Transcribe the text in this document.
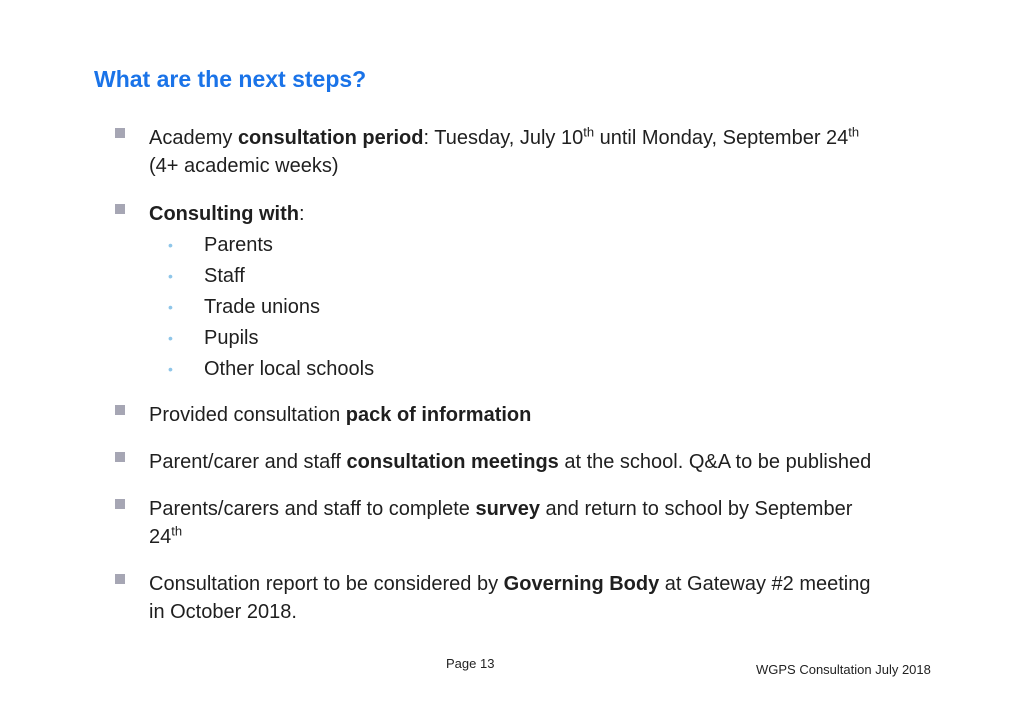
What are the next steps?
Academy consultation period: Tuesday, July 10th until Monday, September 24th
(4+ academic weeks)
Consulting with:
• Parents
• Staff
• Trade unions
• Pupils
• Other local schools
Provided consultation pack of information
Parent/carer and staff consultation meetings at the school. Q&A to be published
Parents/carers and staff to complete survey and return to school by September
24th
Consultation report to be considered by Governing Body at Gateway #2 meeting
in October 2018.
Page 13	WGPS Consultation July 2018
